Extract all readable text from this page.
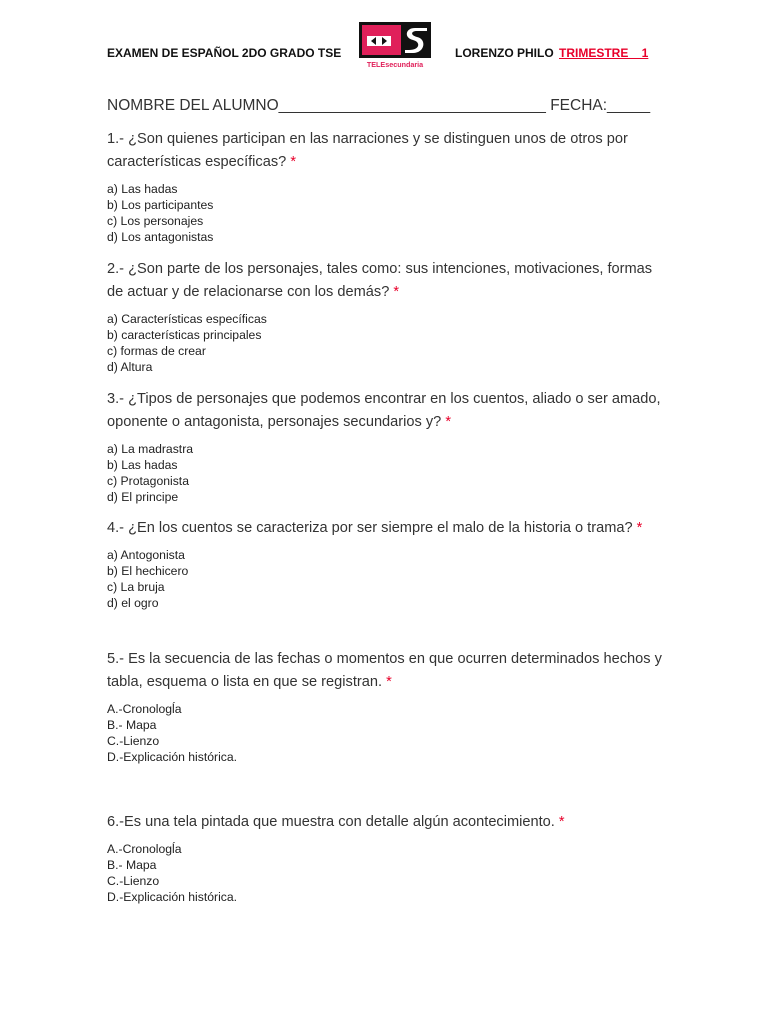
EXAMEN DE ESPAÑOL 2DO GRADO TSE	LORENZO PHILO TRIMESTRE    1
TELEsecundaria
NOMBRE DEL ALUMNO_______________________________ FECHA:_____
1.- ¿Son quienes participan en las narraciones y se distinguen unos de otros por características específicas? *
a) Las hadas
b) Los participantes
c) Los personajes
d) Los antagonistas
2.- ¿Son parte de los personajes, tales como: sus intenciones, motivaciones, formas de actuar y de relacionarse con los demás? *
a) Características específicas
b) características principales
c) formas de crear
d) Altura
3.- ¿Tipos de personajes que podemos encontrar en los cuentos, aliado o ser amado, oponente o antagonista, personajes secundarios y? *
a) La madrastra
b) Las hadas
c) Protagonista
d) El principe
4.- ¿En los cuentos se caracteriza por ser siempre el malo de la historia o trama? *
a) Antogonista
b) El hechicero
c) La bruja
d) el ogro
5.- Es la secuencia de las fechas o momentos en que ocurren determinados hechos y tabla, esquema o lista en que se registran. *
A.-Cronologĺa
B.- Mapa
C.-Lienzo
D.-Explicación histórica.
6.-Es una tela pintada que muestra con detalle algún acontecimiento. *
A.-Cronologĺa
B.- Mapa
C.-Lienzo
D.-Explicación histórica.
